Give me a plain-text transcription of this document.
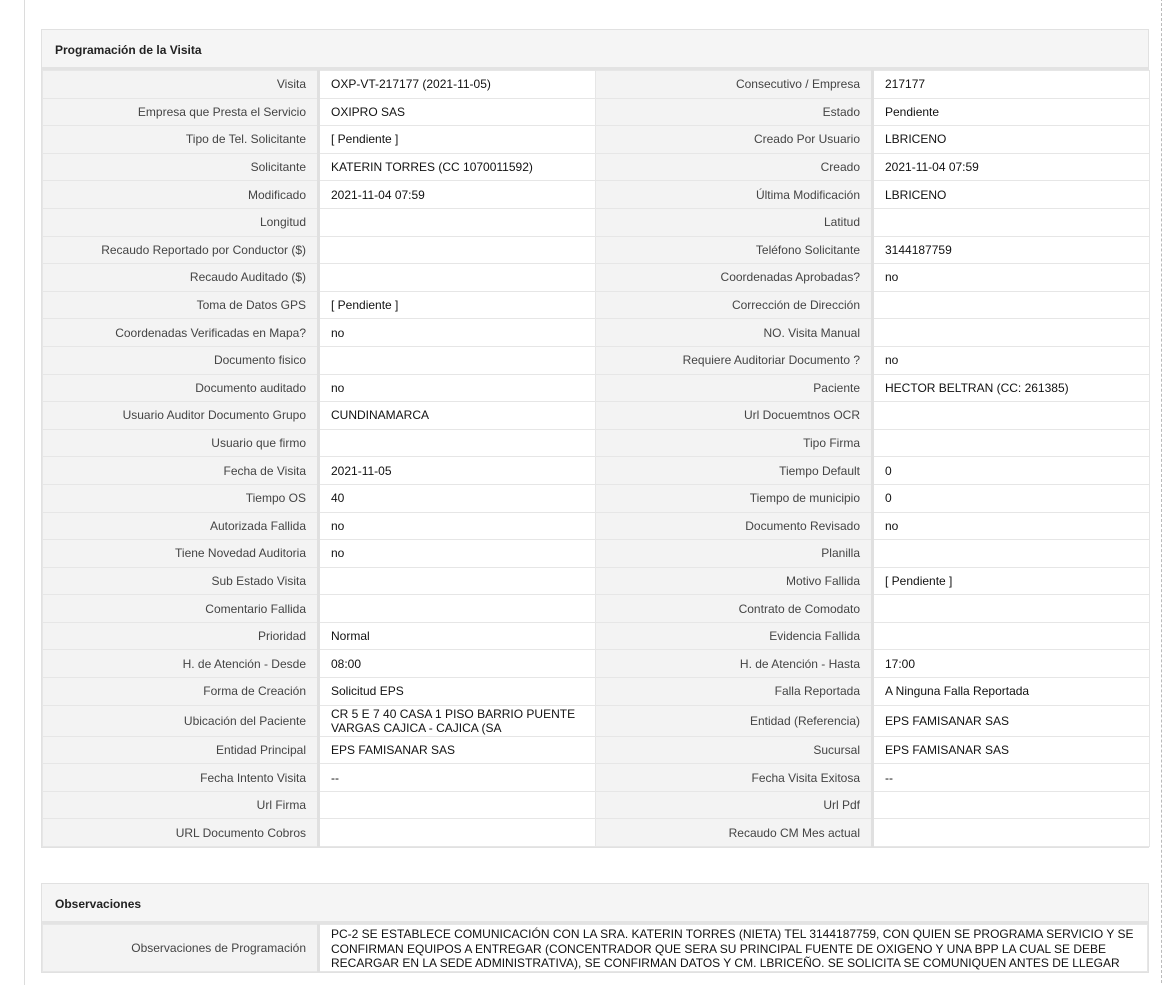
Programación de la Visita
Visita	OXP-VT-217177 (2021-11-05)	Consecutivo / Empresa	217177
Empresa que Presta el Servicio	OXIPRO SAS	Estado	Pendiente
Tipo de Tel. Solicitante	[ Pendiente ]	Creado Por Usuario	LBRICENO
Solicitante	KATERIN TORRES (CC 1070011592)	Creado	2021-11-04 07:59
Modificado	2021-11-04 07:59	Última Modificación	LBRICENO
Longitud		Latitud	
Recaudo Reportado por Conductor ($)		Teléfono Solicitante	3144187759
Recaudo Auditado ($)		Coordenadas Aprobadas?	no
Toma de Datos GPS	[ Pendiente ]	Corrección de Dirección	
Coordenadas Verificadas en Mapa?	no	NO. Visita Manual	
Documento fisico		Requiere Auditoriar Documento ?	no
Documento auditado	no	Paciente	HECTOR BELTRAN (CC: 261385)
Usuario Auditor Documento Grupo	CUNDINAMARCA	Url Docuemtnos OCR	
Usuario que firmo		Tipo Firma	
Fecha de Visita	2021-11-05	Tiempo Default	0
Tiempo OS	40	Tiempo de municipio	0
Autorizada Fallida	no	Documento Revisado	no
Tiene Novedad Auditoria	no	Planilla	
Sub Estado Visita		Motivo Fallida	[ Pendiente ]
Comentario Fallida		Contrato de Comodato	
Prioridad	Normal	Evidencia Fallida	
H. de Atención - Desde	08:00	H. de Atención - Hasta	17:00
Forma de Creación	Solicitud EPS	Falla Reportada	A Ninguna Falla Reportada
Ubicación del Paciente	CR 5 E 7 40 CASA 1 PISO BARRIO PUENTE VARGAS CAJICA - CAJICA (SA	Entidad (Referencia)	EPS FAMISANAR SAS
Entidad Principal	EPS FAMISANAR SAS	Sucursal	EPS FAMISANAR SAS
Fecha Intento Visita	--	Fecha Visita Exitosa	--
Url Firma		Url Pdf	
URL Documento Cobros		Recaudo CM Mes actual	
Observaciones
Observaciones de Programación	PC-2 SE ESTABLECE COMUNICACIÓN CON LA SRA. KATERIN TORRES (NIETA) TEL 3144187759, CON QUIEN SE PROGRAMA SERVICIO Y SE CONFIRMAN EQUIPOS A ENTREGAR (CONCENTRADOR QUE SERA SU PRINCIPAL FUENTE DE OXIGENO Y UNA BPP LA CUAL SE DEBE RECARGAR EN LA SEDE ADMINISTRATIVA), SE CONFIRMAN DATOS Y CM. LBRICEÑO. SE SOLICITA SE COMUNIQUEN ANTES DE LLEGAR
